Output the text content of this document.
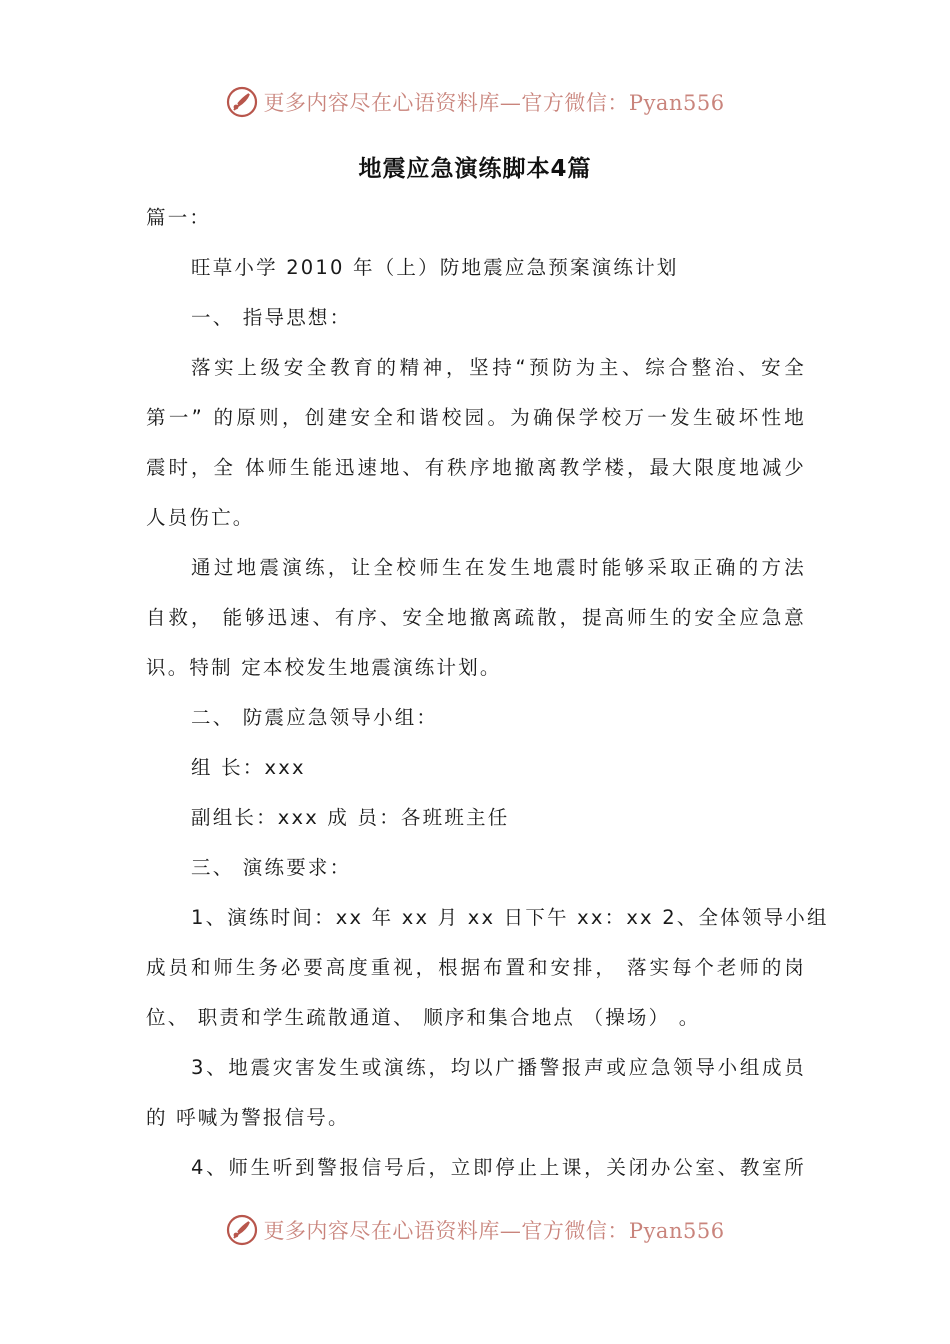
更多内容尽在心语资料库—官方微信：Pyan556
地震应急演练脚本4篇
篇一：
旺草小学 2010 年（上）防地震应急预案演练计划
一、 指导思想：
落实上级安全教育的精神，坚持“预防为主、综合整治、安全
第一” 的原则，创建安全和谐校园。为确保学校万一发生破坏性地
震时，全 体师生能迅速地、有秩序地撤离教学楼，最大限度地减少
人员伤亡。
通过地震演练，让全校师生在发生地震时能够采取正确的方法
自救， 能够迅速、有序、安全地撤离疏散，提高师生的安全应急意
识。特制 定本校发生地震演练计划。
二、 防震应急领导小组：
组 长：xxx
副组长：xxx 成 员：各班班主任
三、 演练要求：
1、演练时间：xx 年 xx 月 xx 日下午 xx：xx 2、全体领导小组
成员和师生务必要高度重视，根据布置和安排， 落实每个老师的岗
位、 职责和学生疏散通道、 顺序和集合地点 （操场） 。
3、地震灾害发生或演练，均以广播警报声或应急领导小组成员
的 呼喊为警报信号。
4、师生听到警报信号后，立即停止上课，关闭办公室、教室所
更多内容尽在心语资料库—官方微信：Pyan556
